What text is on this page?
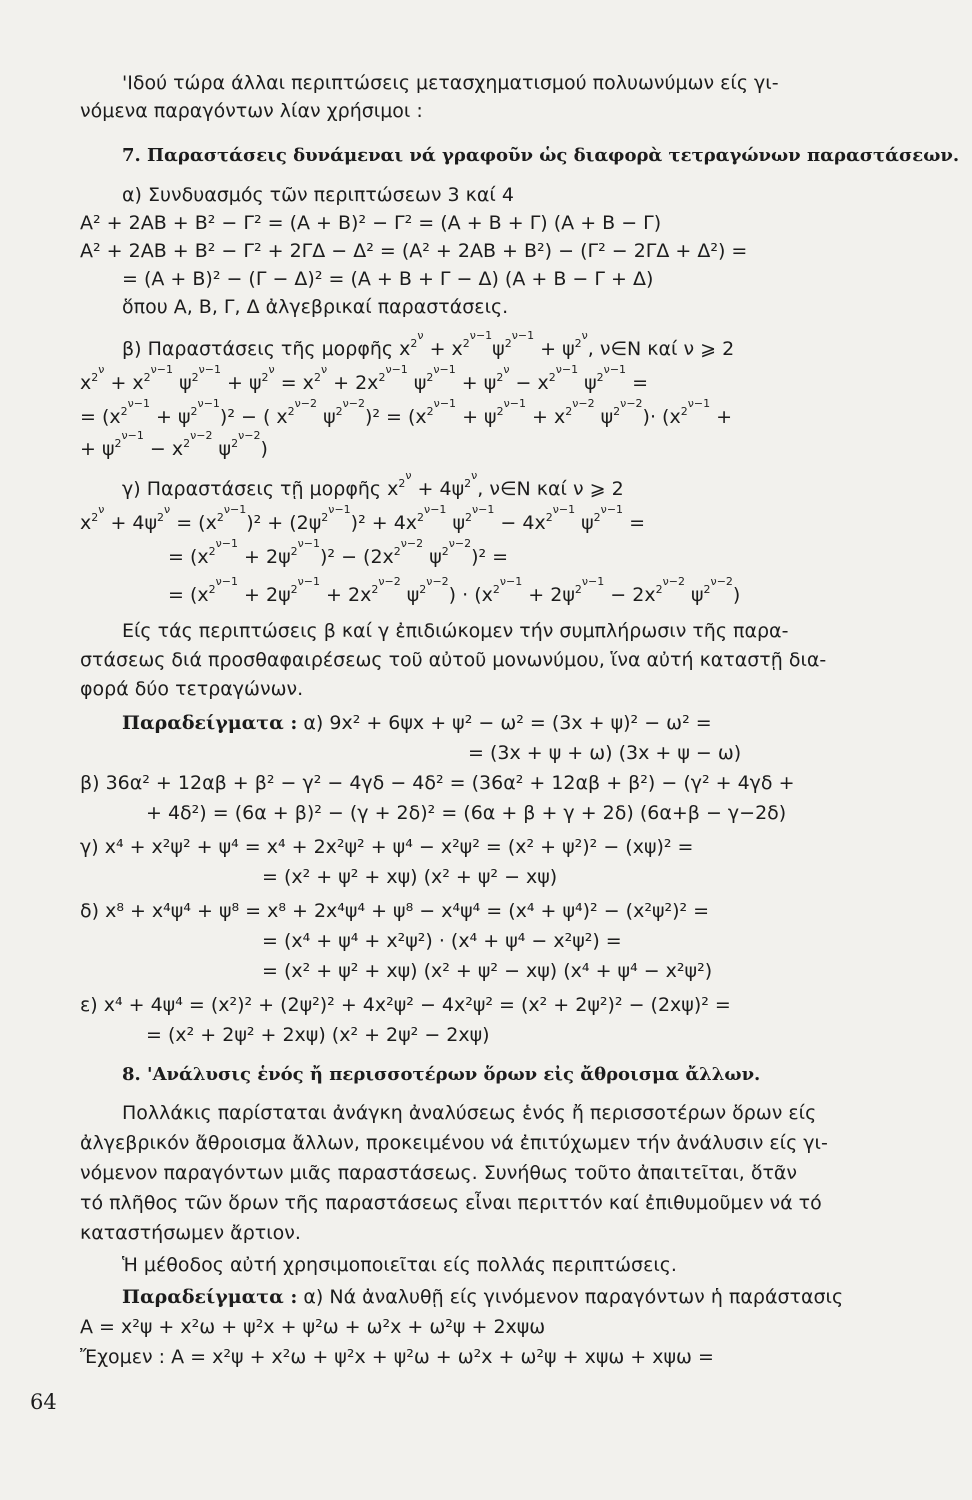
'Ιδού τώρα άλλαι περιπτώσεις μετασχηματισμού πολυωνύμων είς γι-
νόμενα παραγόντων λίαν χρήσιμοι :
7. Παραστάσεις δυνάμεναι νά γραφοῦν ὡς διαφορὰ τετραγώνων παραστάσεων.
α) Συνδυασμός τῶν περιπτώσεων 3 καί 4
Α² + 2ΑΒ + Β² − Γ² = (Α + Β)² − Γ² = (Α + Β + Γ) (Α + Β − Γ)
Α² + 2ΑΒ + Β² − Γ² + 2ΓΔ − Δ² = (Α² + 2ΑΒ + Β²) − (Γ² − 2ΓΔ + Δ²) =
= (Α + Β)² − (Γ − Δ)² = (Α + Β + Γ − Δ) (Α + Β − Γ + Δ)
ὅπου Α, Β, Γ, Δ ἀλγεβρικαί παραστάσεις.
β) Παραστάσεις τῆς μορφῆς $x^{2^\nu} + x^{2^{\nu-1}}\psi^{2^{\nu-1}} + \psi^{2^\nu}$, ν∈Ν καί ν ⩾ 2
$x^{2^\nu} + x^{2^{\nu-1}}$ $\psi^{2^{\nu-1}} + \psi^{2^\nu} = x^{2^\nu} + 2x^{2^{\nu-1}}$ $\psi^{2^{\nu-1}} + \psi^{2^\nu} - x^{2^{\nu-1}}$ $\psi^{2^{\nu-1}}$ =
= $(x^{2^{\nu-1}} + \psi^{2^{\nu-1}})^2$ − ( $x^{2^{\nu-2}}$ $\psi^{2^{\nu-2}})^2 = (x^{2^{\nu-1}} + \psi^{2^{\nu-1}} + x^{2^{\nu-2}}$ $\psi^{2^{\nu-2}})\cdot (x^{2^{\nu-1}}$ +
+ $\psi^{2^{\nu-1}} - x^{2^{\nu-2}}$ $\psi^{2^{\nu-2}}$)
γ) Παραστάσεις τῇ μορφῆς $x^{2^\nu} + 4\psi^{2^\nu}$, ν∈Ν καί ν ⩾ 2
$x^{2^\nu} + 4\psi^{2^\nu} = (x^{2^{\nu-1}})^2 + (2\psi^{2^{\nu-1}})^2 + 4x^{2^{\nu-1}}$ $\psi^{2^{\nu-1}} - 4x^{2^{\nu-1}}$ $\psi^{2^{\nu-1}}$ =
= $(x^{2^{\nu-1}} + 2\psi^{2^{\nu-1}})^2 - (2x^{2^{\nu-2}}$ $\psi^{2^{\nu-2}})^2$ =
= ($x^{2^{\nu-1}} + 2\psi^{2^{\nu-1}} + 2x^{2^{\nu-2}}$ $\psi^{2^{\nu-2}}) \cdot (x^{2^{\nu-1}} + 2\psi^{2^{\nu-1}} - 2x^{2^{\nu-2}}$ $\psi^{2^{\nu-2}}$)
Είς τάς περιπτώσεις β καί γ ἐπιδιώκομεν τήν συμπλήρωσιν τῆς παρα-
στάσεως διά προσθαφαιρέσεως τοῦ αὐτοῦ μονωνύμου, ἵνα αὐτή καταστῇ δια-
φορά δύο τετραγώνων.
Παραδείγματα : α) 9x² + 6ψx + ψ² − ω² = (3x + ψ)² − ω² =
= (3x + ψ + ω) (3x + ψ − ω)
β) 36α² + 12αβ + β² − γ² − 4γδ − 4δ² = (36α² + 12αβ + β²) − (γ² + 4γδ +
+ 4δ²) = (6α + β)² − (γ + 2δ)² = (6α + β + γ + 2δ) (6α+β − γ−2δ)
γ) x⁴ + x²ψ² + ψ⁴ = x⁴ + 2x²ψ² + ψ⁴ − x²ψ² = (x² + ψ²)² − (xψ)² =
= (x² + ψ² + xψ) (x² + ψ² − xψ)
δ) x⁸ + x⁴ψ⁴ + ψ⁸ = x⁸ + 2x⁴ψ⁴ + ψ⁸ − x⁴ψ⁴ = (x⁴ + ψ⁴)² − (x²ψ²)² =
= (x⁴ + ψ⁴ + x²ψ²) · (x⁴ + ψ⁴ − x²ψ²) =
= (x² + ψ² + xψ) (x² + ψ² − xψ) (x⁴ + ψ⁴ − x²ψ²)
ε) x⁴ + 4ψ⁴ = (x²)² + (2ψ²)² + 4x²ψ² − 4x²ψ² = (x² + 2ψ²)² − (2xψ)² =
= (x² + 2ψ² + 2xψ) (x² + 2ψ² − 2xψ)
8. 'Ανάλυσις ἑνός ἤ περισσοτέρων ὅρων εἰς ἄθροισμα ἄλλων.
Πολλάκις παρίσταται ἀνάγκη ἀναλύσεως ἑνός ἤ περισσοτέρων ὅρων είς
ἀλγεβρικόν ἄθροισμα ἄλλων, προκειμένου νά ἐπιτύχωμεν τήν ἀνάλυσιν είς γι-
νόμενον παραγόντων μιᾶς παραστάσεως. Συνήθως τοῦτο ἀπαιτεῖται, ὅτᾶν
τό πλῆθος τῶν ὅρων τῆς παραστάσεως εἶναι περιττόν καί ἐπιθυμοῦμεν νά τό
καταστήσωμεν ἄρτιον.
Ἡ μέθοδος αὐτή χρησιμοποιεῖται είς πολλάς περιπτώσεις.
Παραδείγματα : α) Νά ἀναλυθῇ είς γινόμενον παραγόντων ἡ παράστασις
Α = x²ψ + x²ω + ψ²x + ψ²ω + ω²x + ω²ψ + 2xψω
Ἔχομεν : Α = x²ψ + x²ω + ψ²x + ψ²ω + ω²x + ω²ψ + xψω + xψω =
64
